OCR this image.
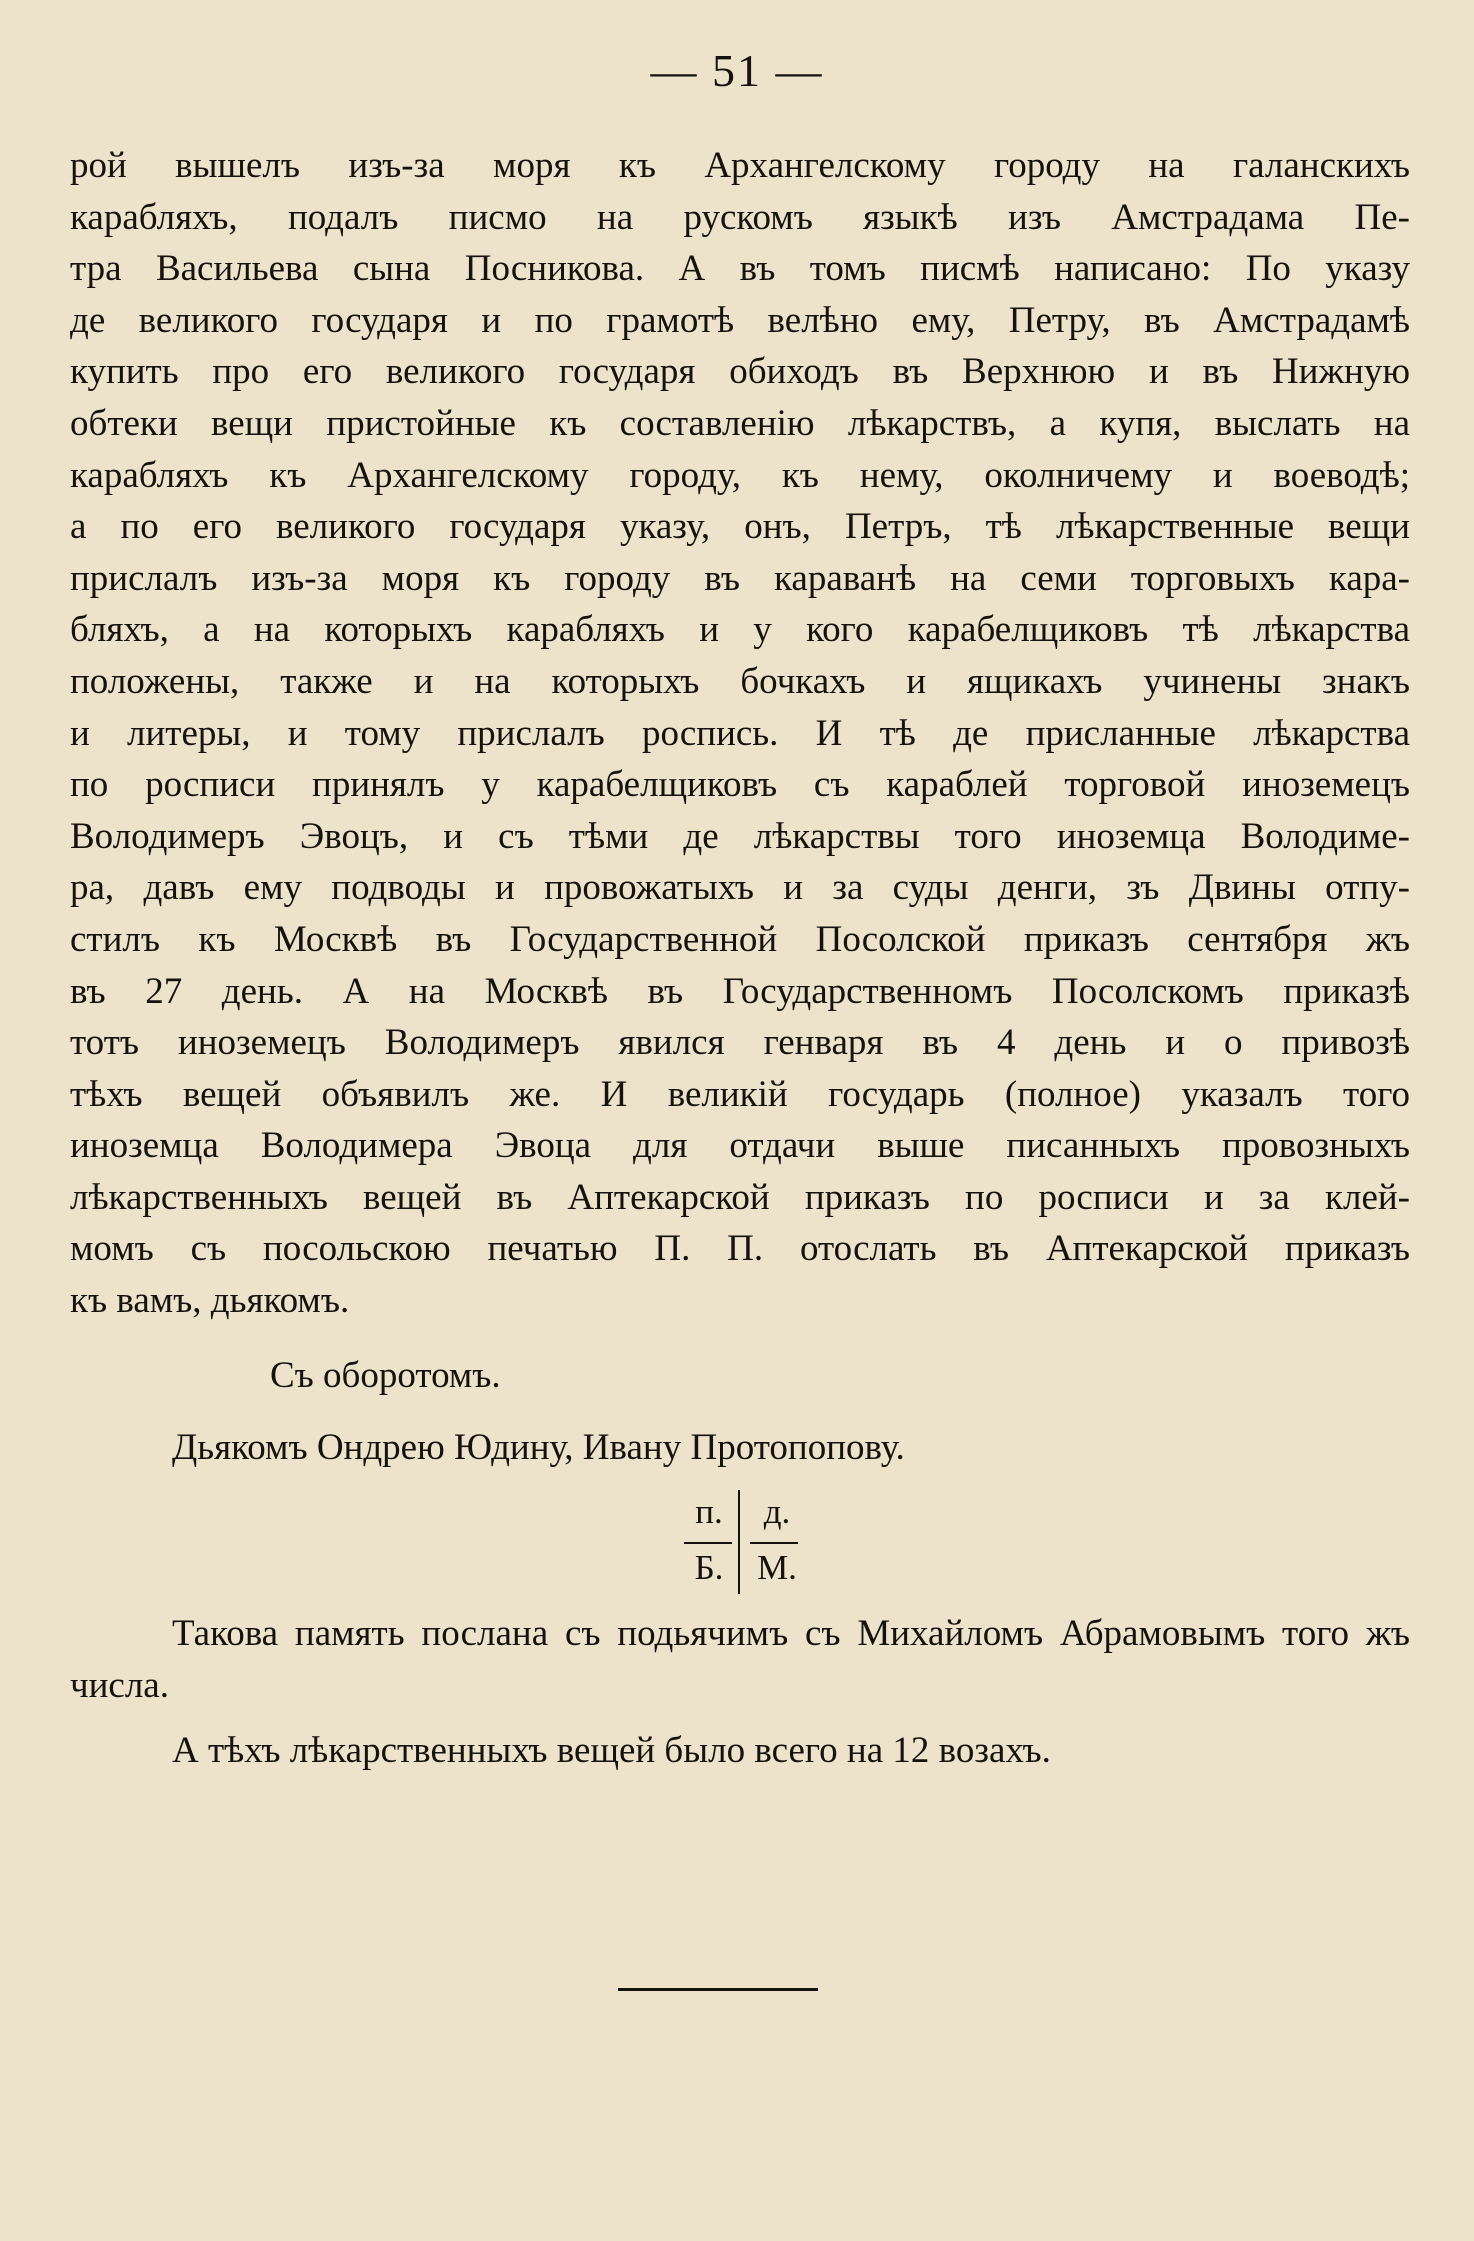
— 51 —
рой вышелъ изъ-за моря къ Архангелскому городу на галанскихъ
карабляхъ, подалъ писмо на рускомъ языкѣ изъ Амстрадама Пе-
тра Васильева сына Посникова. А въ томъ писмѣ написано: По указу
де великого государя и по грамотѣ велѣно ему, Петру, въ Амстрадамѣ
купить про его великого государя обиходъ въ Верхнюю и въ Нижную
обтеки вещи пристойные къ составленію лѣкарствъ, а купя, выслать на
карабляхъ къ Архангелскому городу, къ нему, околничему и воеводѣ;
а по его великого государя указу, онъ, Петръ, тѣ лѣкарственные вещи
прислалъ изъ-за моря къ городу въ караванѣ на семи торговыхъ кара-
бляхъ, а на которыхъ карабляхъ и у кого карабелщиковъ тѣ лѣкарства
положены, также и на которыхъ бочкахъ и ящикахъ учинены знакъ
и литеры, и тому прислалъ роспись. И тѣ де присланные лѣкарства
по росписи принялъ у карабелщиковъ съ караблей торговой иноземецъ
Володимеръ Эвоцъ, и съ тѣми де лѣкарствы того иноземца Володиме-
ра, давъ ему подводы и провожатыхъ и за суды денги, зъ Двины отпу-
стилъ къ Москвѣ въ Государственной Посолской приказъ сентября жъ
въ 27 день. А на Москвѣ въ Государственномъ Посолскомъ приказѣ
тотъ иноземецъ Володимеръ явился генваря въ 4 день и о привозѣ
тѣхъ вещей объявилъ же. И великій государь (полное) указалъ того
иноземца Володимера Эвоца для отдачи выше писанныхъ провозныхъ
лѣкарственныхъ вещей въ Аптекарской приказъ по росписи и за клей-
момъ съ посольскою печатью П. П. отослать въ Аптекарской приказъ
къ вамъ, дьякомъ.
Съ оборотомъ.
Дьякомъ Ондрею Юдину, Ивану Протопопову.
п.	д.
Б. М.
Такова память послана съ подьячимъ съ Михайломъ Абрамовымъ того жъ числа.
А тѣхъ лѣкарственныхъ вещей было всего на 12 возахъ.
